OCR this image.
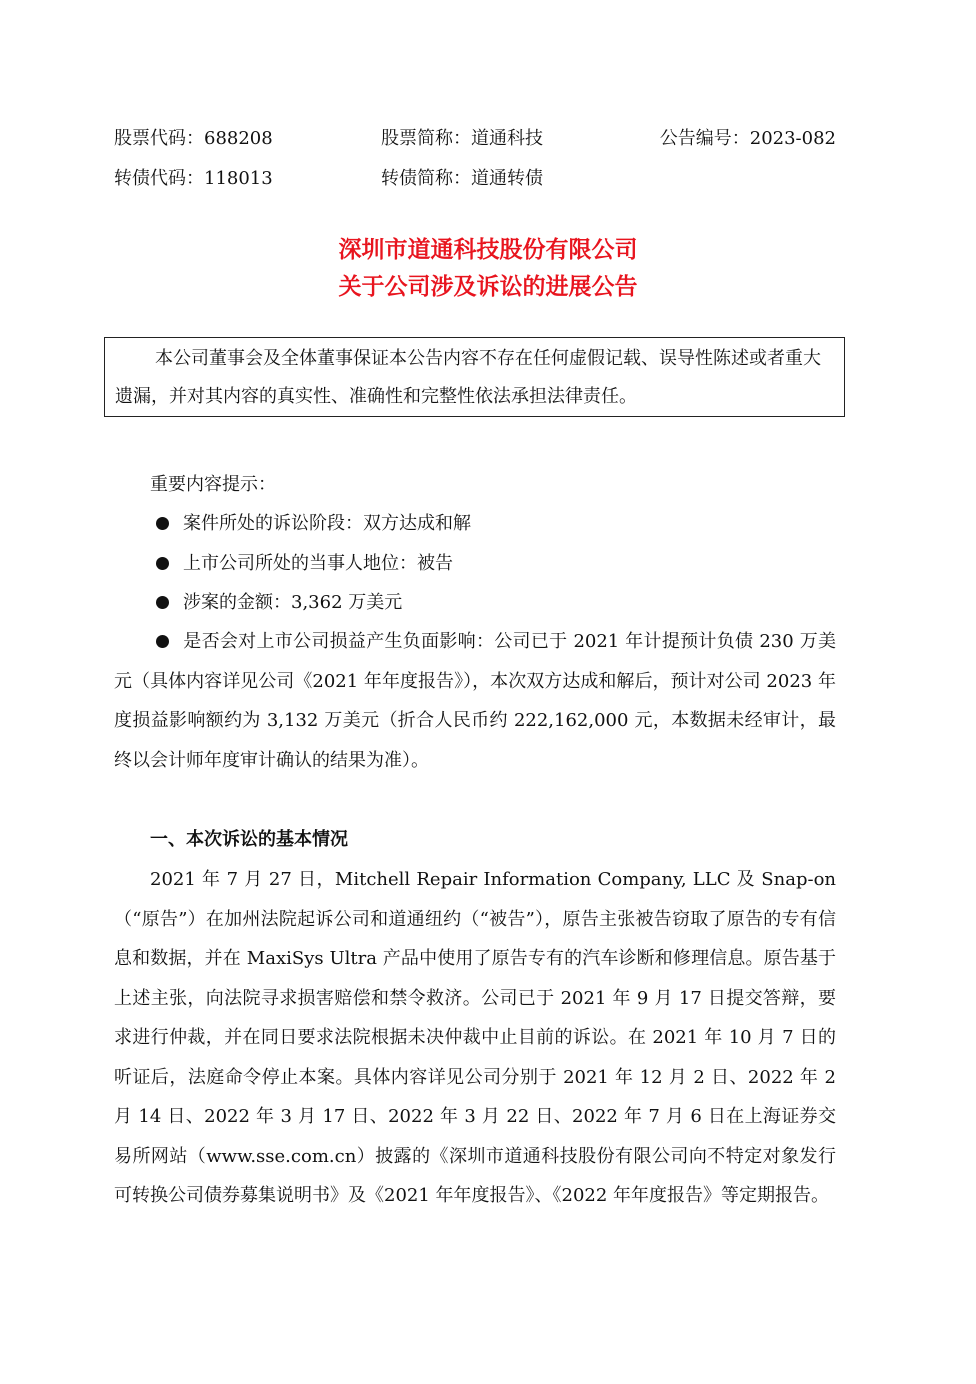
股票代码：688208	股票简称：道通科技	公告编号：2023-082
转债代码：118013	转债简称：道通转债
深圳市道通科技股份有限公司
关于公司涉及诉讼的进展公告

本公司董事会及全体董事保证本公告内容不存在任何虚假记载、误导性陈述或者重大遗漏，并对其内容的真实性、准确性和完整性依法承担法律责任。

重要内容提示：

案件所处的诉讼阶段：双方达成和解

上市公司所处的当事人地位：被告

涉案的金额：3,362 万美元

是否会对上市公司损益产生负面影响：公司已于 2021 年计提预计负债 230 万美元（具体内容详见公司《2021 年年度报告》），本次双方达成和解后，预计对公司 2023 年度损益影响额约为 3,132 万美元（折合人民币约 222,162,000 元，本数据未经审计，最终以会计师年度审计确认的结果为准）。

一、本次诉讼的基本情况

2021 年 7 月 27 日，Mitchell Repair Information Company, LLC 及 Snap-on（“原告”）在加州法院起诉公司和道通纽约（“被告”），原告主张被告窃取了原告的专有信息和数据，并在 MaxiSys Ultra 产品中使用了原告专有的汽车诊断和修理信息。原告基于上述主张，向法院寻求损害赔偿和禁令救济。公司已于 2021 年 9 月 17 日提交答辩，要求进行仲裁，并在同日要求法院根据未决仲裁中止目前的诉讼。在 2021 年 10 月 7 日的听证后，法庭命令停止本案。具体内容详见公司分别于 2021 年 12 月 2 日、2022 年 2 月 14 日、2022 年 3 月 17 日、2022 年 3 月 22 日、2022 年 7 月 6 日在上海证券交易所网站（www.sse.com.cn）披露的《深圳市道通科技股份有限公司向不特定对象发行可转换公司债券募集说明书》及《2021 年年度报告》、《2022 年年度报告》等定期报告。
